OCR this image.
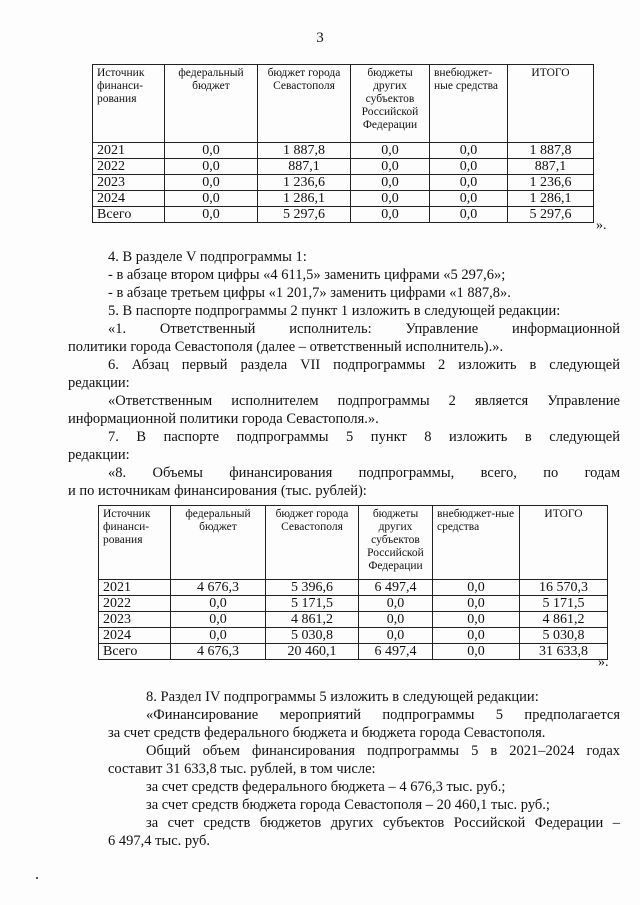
3
Источник финанси-рования	федеральный бюджет	бюджет города Севастополя	бюджеты других субъектов Российской Федерации	внебюджет-ные средства	ИТОГО
2021	0,0	1 887,8	0,0	0,0	1 887,8
2022	0,0	887,1	0,0	0,0	887,1
2023	0,0	1 236,6	0,0	0,0	1 236,6
2024	0,0	1 286,1	0,0	0,0	1 286,1
Всего	0,0	5 297,6	0,0	0,0	5 297,6
».
4. В разделе V подпрограммы 1:
- в абзаце втором цифры «4 611,5» заменить цифрами «5 297,6»;
- в абзаце третьем цифры «1 201,7» заменить цифрами «1 887,8».
5. В паспорте подпрограммы 2 пункт 1 изложить в следующей редакции:
«1. Ответственный исполнитель: Управление информационной
политики города Севастополя (далее – ответственный исполнитель).».
6. Абзац первый раздела VII подпрограммы 2 изложить в следующей
редакции:
«Ответственным исполнителем подпрограммы 2 является Управление
информационной политики города Севастополя.».
7. В паспорте подпрограммы 5 пункт 8 изложить в следующей
редакции:
«8. Объемы финансирования подпрограммы, всего, по годам
и по источникам финансирования (тыс. рублей):
Источник финанси-рования	федеральный бюджет	бюджет города Севастополя	бюджеты других субъектов Российской Федерации	внебюджет-ные средства	ИТОГО
2021	4 676,3	5 396,6	6 497,4	0,0	16 570,3
2022	0,0	5 171,5	0,0	0,0	5 171,5
2023	0,0	4 861,2	0,0	0,0	4 861,2
2024	0,0	5 030,8	0,0	0,0	5 030,8
Всего	4 676,3	20 460,1	6 497,4	0,0	31 633,8
».
8. Раздел IV подпрограммы 5 изложить в следующей редакции:
«Финансирование мероприятий подпрограммы 5 предполагается
за счет средств федерального бюджета и бюджета города Севастополя.
Общий объем финансирования подпрограммы 5 в 2021–2024 годах
составит 31 633,8 тыс. рублей, в том числе:
за счет средств федерального бюджета – 4 676,3 тыс. руб.;
за счет средств бюджета города Севастополя – 20 460,1 тыс. руб.;
за счет средств бюджетов других субъектов Российской Федерации –
6 497,4 тыс. руб.
